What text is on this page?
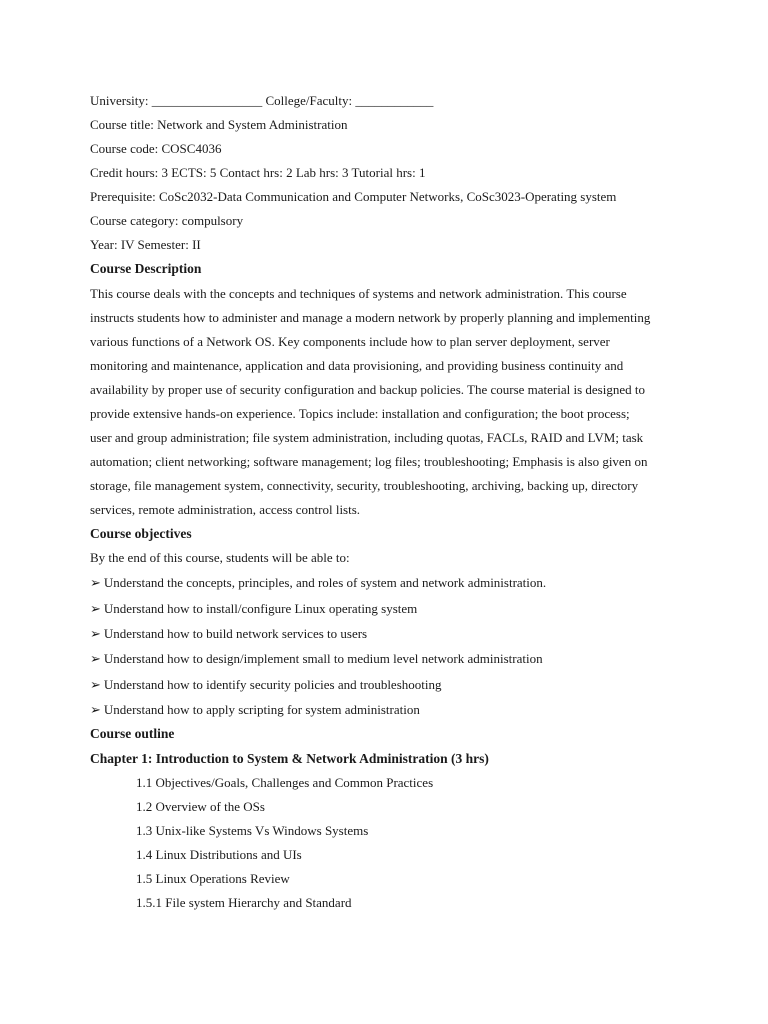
University: _________________ College/Faculty: ____________
Course title: Network and System Administration
Course code: COSC4036
Credit hours: 3 ECTS: 5 Contact hrs: 2 Lab hrs: 3 Tutorial hrs: 1
Prerequisite: CoSc2032-Data Communication and Computer Networks, CoSc3023-Operating system
Course category: compulsory
Year: IV Semester: II
Course Description
This course deals with the concepts and techniques of systems and network administration. This course
instructs students how to administer and manage a modern network by properly planning and implementing
various functions of a Network OS. Key components include how to plan server deployment, server
monitoring and maintenance, application and data provisioning, and providing business continuity and
availability by proper use of security configuration and backup policies. The course material is designed to
provide extensive hands-on experience. Topics include: installation and configuration; the boot process;
user and group administration; file system administration, including quotas, FACLs, RAID and LVM; task
automation; client networking; software management; log files; troubleshooting; Emphasis is also given on
storage, file management system, connectivity, security, troubleshooting, archiving, backing up, directory
services, remote administration, access control lists.
Course objectives
By the end of this course, students will be able to:
➢ Understand the concepts, principles, and roles of system and network administration.
➢ Understand how to install/configure Linux operating system
➢ Understand how to build network services to users
➢ Understand how to design/implement small to medium level network administration
➢ Understand how to identify security policies and troubleshooting
➢ Understand how to apply scripting for system administration
Course outline
Chapter 1: Introduction to System & Network Administration (3 hrs)
1.1 Objectives/Goals, Challenges and Common Practices
1.2 Overview of the OSs
1.3 Unix-like Systems Vs Windows Systems
1.4 Linux Distributions and UIs
1.5 Linux Operations Review
1.5.1 File system Hierarchy and Standard
